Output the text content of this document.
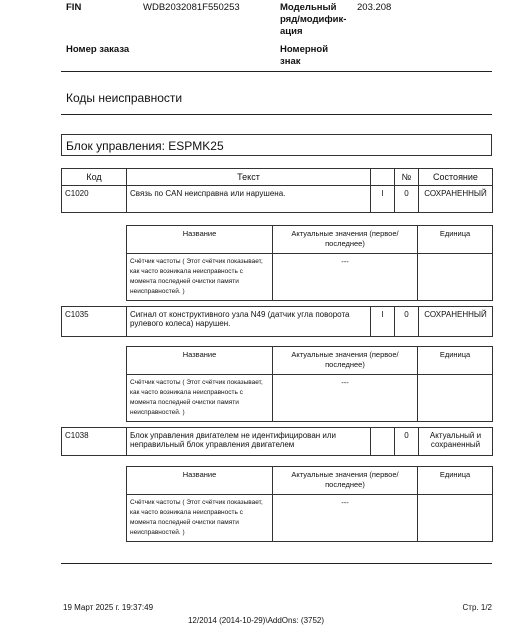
FIN	WDB2032081F550253	Модельный ряд/модифик-ация
203.208
Номер заказа	Номерной знак
Коды неисправности
Блок управления: ESPMK25
Код	Текст		№	Состояние
C1020	Связь по CAN неисправна или нарушена.	I	0	СОХРАНЕННЫЙ
Название	Актуальные значения (первое/последнее)	Единица
Счётчик частоты ( Этот счётчик показывает, как часто возникала неисправность с момента последней очистки памяти неисправностей. )	---	
C1035	Сигнал от конструктивного узла N49 (датчик угла поворота рулевого колеса) нарушен.	I	0	СОХРАНЕННЫЙ
Название	Актуальные значения (первое/последнее)	Единица
Счётчик частоты ( Этот счётчик показывает, как часто возникала неисправность с момента последней очистки памяти неисправностей. )	---	
C1038	Блок управления двигателем не идентифицирован или неправильный блок управления двигателем		0	Актуальный и сохраненный
Название	Актуальные значения (первое/последнее)	Единица
Счётчик частоты ( Этот счётчик показывает, как часто возникала неисправность с момента последней очистки памяти неисправностей. )	---	
19 Март 2025 г. 19:37:49	Стр. 1/2
12/2014 (2014-10-29)\AddOns: (3752)
